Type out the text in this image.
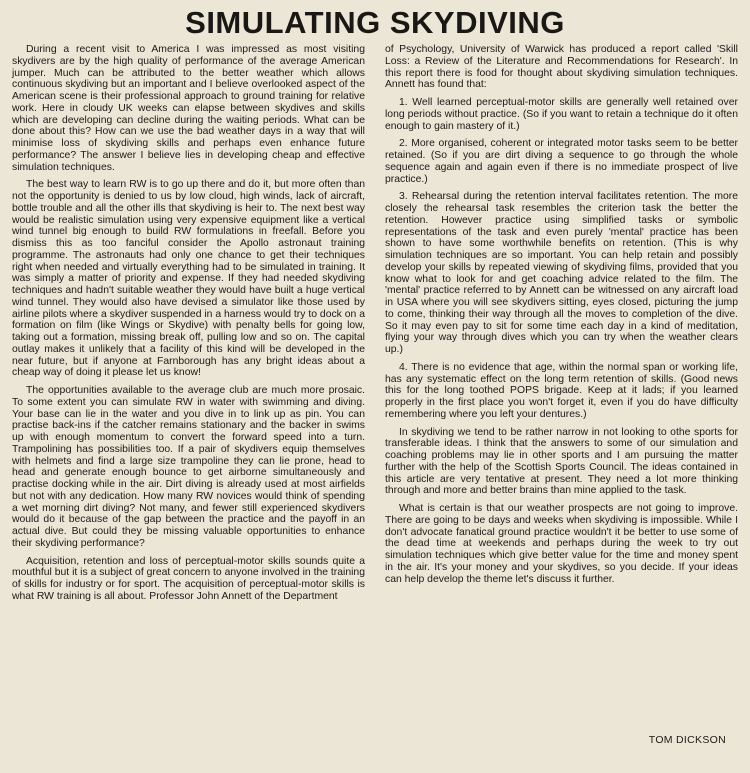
SIMULATING SKYDIVING

During a recent visit to America I was impressed as most visiting skydivers are by the high quality of performance of the average American jumper. Much can be attributed to the better weather which allows continuous skydiving but an important and I believe overlooked aspect of the American scene is their professional approach to ground training for relative work. Here in cloudy UK weeks can elapse between skydives and skills which are developing can decline during the waiting periods. What can be done about this? How can we use the bad weather days in a way that will minimise loss of skydiving skills and perhaps even enhance future performance? The answer I believe lies in developing cheap and effective simulation techniques.

The best way to learn RW is to go up there and do it, but more often than not the opportunity is denied to us by low cloud, high winds, lack of aircraft, bottle trouble and all the other ills that skydiving is heir to. The next best way would be realistic simulation using very expensive equipment like a vertical wind tunnel big enough to build RW formulations in freefall. Before you dismiss this as too fanciful consider the Apollo astronaut training programme. The astronauts had only one chance to get their techniques right when needed and virtually everything had to be simulated in training. It was simply a matter of priority and expense. If they had needed skydiving techniques and hadn't suitable weather they would have built a huge vertical wind tunnel. They would also have devised a simulator like those used by airline pilots where a skydiver suspended in a harness would try to dock on a formation on film (like Wings or Skydive) with penalty bells for going low, taking out a formation, missing break off, pulling low and so on. The capital outlay makes it unlikely that a facility of this kind will be developed in the near future, but if anyone at Farnborough has any bright ideas about a cheap way of doing it please let us know!

The opportunities available to the average club are much more prosaic. To some extent you can simulate RW in water with swimming and diving. Your base can lie in the water and you dive in to link up as pin. You can practise back-ins if the catcher remains stationary and the backer in swims up with enough momentum to convert the forward speed into a turn. Trampolining has possibilities too. If a pair of skydivers equip themselves with helmets and find a large size trampoline they can lie prone, head to head and generate enough bounce to get airborne simultaneously and practise docking while in the air. Dirt diving is already used at most airfields but not with any dedication. How many RW novices would think of spending a wet morning dirt diving? Not many, and fewer still experienced skydivers would do it because of the gap between the practice and the payoff in an actual dive. But could they be missing valuable opportunities to enhance their skydiving performance?

Acquisition, retention and loss of perceptual-motor skills sounds quite a mouthful but it is a subject of great concern to anyone involved in the training of skills for industry or for sport. The acquisition of perceptual-motor skills is what RW training is all about. Professor John Annett of the Department

of Psychology, University of Warwick has produced a report called 'Skill Loss: a Review of the Literature and Recommendations for Research'. In this report there is food for thought about skydiving simulation techniques. Annett has found that:

1. Well learned perceptual-motor skills are generally well retained over long periods without practice. (So if you want to retain a technique do it often enough to gain mastery of it.)

2. More organised, coherent or integrated motor tasks seem to be better retained. (So if you are dirt diving a sequence to go through the whole sequence again and again even if there is no immediate prospect of live practice.)

3. Rehearsal during the retention interval facilitates retention. The more closely the rehearsal task resembles the criterion task the better the retention. However practice using simplified tasks or symbolic representations of the task and even purely 'mental' practice has been shown to have some worthwhile benefits on retention. (This is why simulation techniques are so important. You can help retain and possibly develop your skills by repeated viewing of skydiving films, provided that you know what to look for and get coaching advice related to the film. The 'mental' practice referred to by Annett can be witnessed on any aircraft load in USA where you will see skydivers sitting, eyes closed, picturing the jump to come, thinking their way through all the moves to completion of the dive. So it may even pay to sit for some time each day in a kind of meditation, flying your way through dives which you can try when the weather clears up.)

4. There is no evidence that age, within the normal span or working life, has any systematic effect on the long term retention of skills. (Good news this for the long toothed POPS brigade. Keep at it lads; if you learned properly in the first place you won't forget it, even if you do have difficulty remembering where you left your dentures.)

In skydiving we tend to be rather narrow in not looking to othe sports for transferable ideas. I think that the answers to some of our simulation and coaching problems may lie in other sports and I am pursuing the matter further with the help of the Scottish Sports Council. The ideas contained in this article are very tentative at present. They need a lot more thinking through and more and better brains than mine applied to the task.

What is certain is that our weather prospects are not going to improve. There are going to be days and weeks when skydiving is impossible. While I don't advocate fanatical ground practice wouldn't it be better to use some of the dead time at weekends and perhaps during the week to try out simulation techniques which give better value for the time and money spent in the air. It's your money and your skydives, so you decide. If your ideas can help develop the theme let's discuss it further.

TOM DICKSON
